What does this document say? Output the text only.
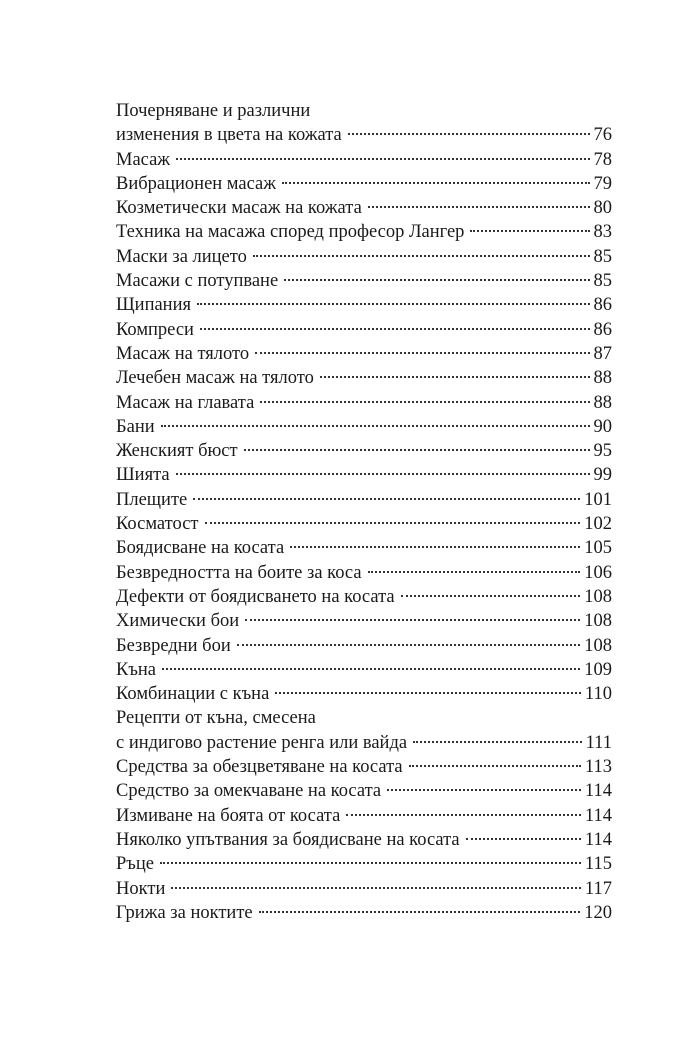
Почерняване и различни
изменения в цвета на кожата	76
Масаж	78
Вибрационен масаж	79
Козметически масаж на кожата	80
Техника на масажа според професор Лангер	83
Маски за лицето	85
Масажи с потупване	85
Щипания	86
Компреси	86
Масаж на тялото	87
Лечебен масаж на тялото	88
Масаж на главата	88
Бани	90
Женският бюст	95
Шията	99
Плещите	101
Косматост	102
Боядисване на косата	105
Безвредността на боите за коса	106
Дефекти от боядисването на косата	108
Химически бои	108
Безвредни бои	108
Къна	109
Комбинации с къна	110
Рецепти от къна, смесена
с индигово растение ренга или вайда	111
Средства за обезцветяване на косата	113
Средство за омекчаване на косата	114
Измиване на боята от косата	114
Няколко упътвания за боядисване на косата	114
Ръце	115
Нокти	117
Грижа за ноктите	120
